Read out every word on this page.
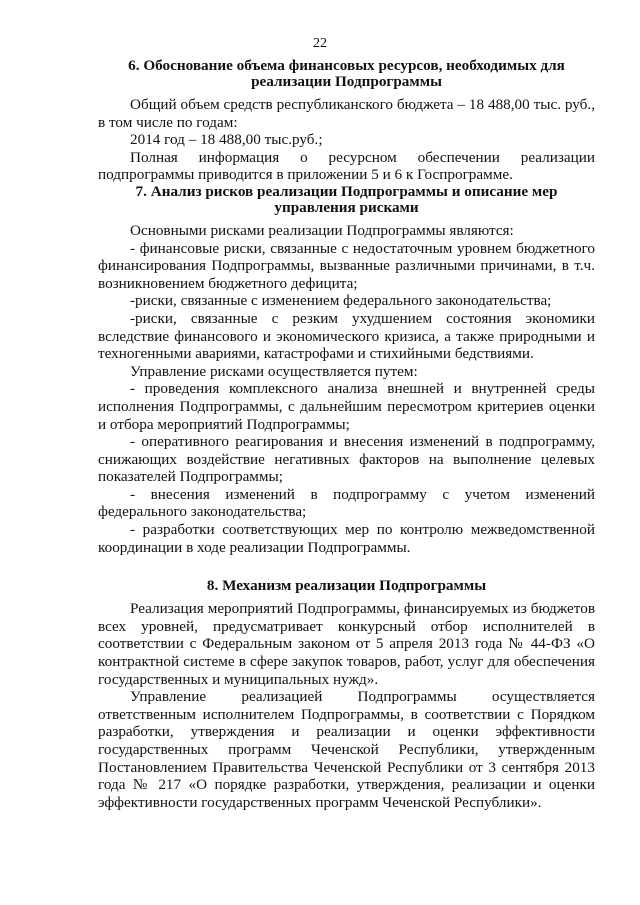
22

6. Обоснование объема финансовых ресурсов, необходимых для реализации Подпрограммы

Общий объем средств республиканского бюджета – 18 488,00 тыс. руб., в том числе по годам:

2014 год – 18 488,00 тыс.руб.;

Полная информация о ресурсном обеспечении реализации подпрограммы приводится в приложении 5 и 6 к Госпрограмме.

7. Анализ рисков реализации Подпрограммы и описание мер управления рисками

Основными рисками реализации Подпрограммы являются:

- финансовые риски, связанные с недостаточным уровнем бюджетного финансирования Подпрограммы, вызванные различными причинами, в т.ч. возникновением бюджетного дефицита;

-риски, связанные с изменением федерального законодательства;

-риски, связанные с резким ухудшением состояния экономики вследствие финансового и экономического кризиса, а также природными и техногенными авариями, катастрофами и стихийными бедствиями.

Управление рисками осуществляется путем:

- проведения комплексного анализа внешней и внутренней среды исполнения Подпрограммы, с дальнейшим пересмотром критериев оценки и отбора мероприятий Подпрограммы;

- оперативного реагирования и внесения изменений в подпрограмму, снижающих воздействие негативных факторов на выполнение целевых показателей Подпрограммы;

- внесения изменений в подпрограмму с учетом изменений федерального законодательства;

- разработки соответствующих мер по контролю межведомственной координации в ходе реализации Подпрограммы.

8. Механизм реализации Подпрограммы

Реализация мероприятий Подпрограммы, финансируемых из бюджетов всех уровней, предусматривает конкурсный отбор исполнителей в соответствии с Федеральным законом от 5 апреля 2013 года № 44-ФЗ «О контрактной системе в сфере закупок товаров, работ, услуг для обеспечения государственных и муниципальных нужд».

Управление реализацией Подпрограммы осуществляется ответственным исполнителем Подпрограммы, в соответствии с Порядком разработки, утверждения и реализации и оценки эффективности государственных программ Чеченской Республики, утвержденным Постановлением Правительства Чеченской Республики от 3 сентября 2013 года № 217 «О порядке разработки, утверждения, реализации и оценки эффективности государственных программ Чеченской Республики».
